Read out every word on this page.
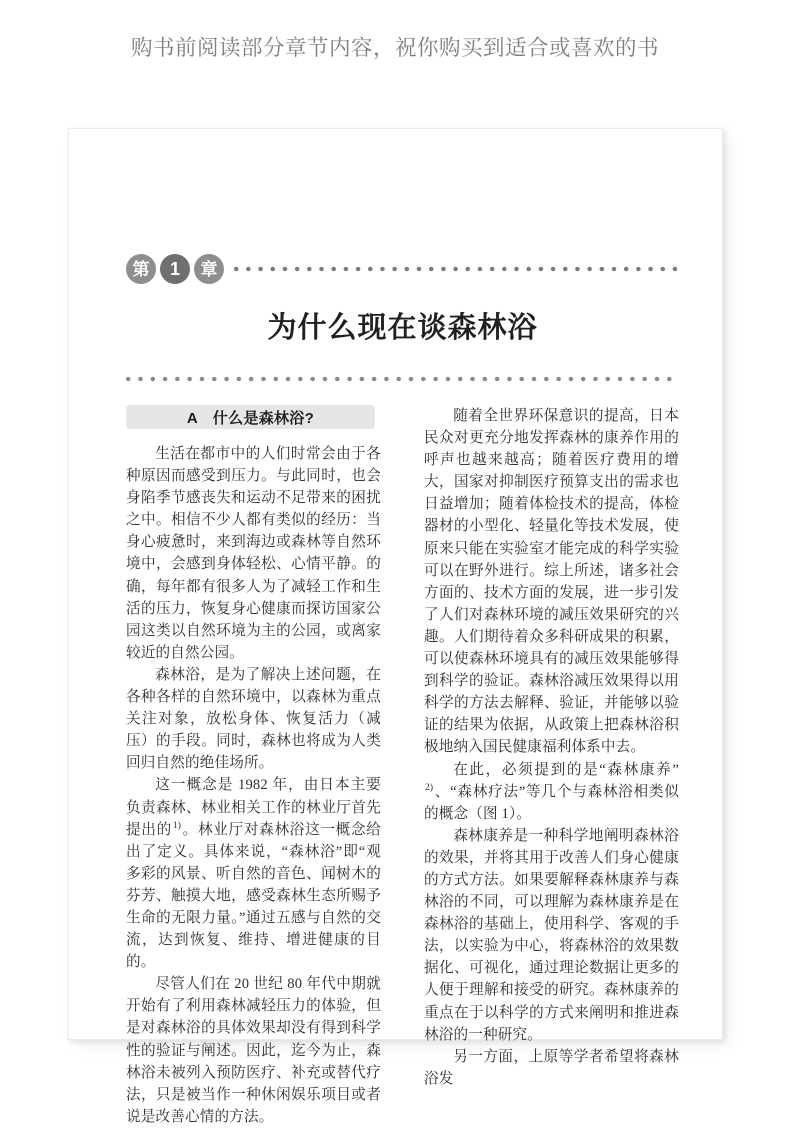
购书前阅读部分章节内容，祝你购买到适合或喜欢的书
第	1	章
为什么现在谈森林浴
A　什么是森林浴?

生活在都市中的人们时常会由于各种原因而感受到压力。与此同时，也会身陷季节感丧失和运动不足带来的困扰之中。相信不少人都有类似的经历：当身心疲惫时，来到海边或森林等自然环境中，会感到身体轻松、心情平静。的确，每年都有很多人为了减轻工作和生活的压力，恢复身心健康而探访国家公园这类以自然环境为主的公园，或离家较近的自然公园。

森林浴，是为了解决上述问题，在各种各样的自然环境中，以森林为重点关注对象，放松身体、恢复活力（减压）的手段。同时，森林也将成为人类回归自然的绝佳场所。

这一概念是 1982 年，由日本主要负责森林、林业相关工作的林业厅首先提出的$^{1)}$。林业厅对森林浴这一概念给出了定义。具体来说，“森林浴”即“观多彩的风景、听自然的音色、闻树木的芬芳、触摸大地，感受森林生态所赐予生命的无限力量。”通过五感与自然的交流，达到恢复、维持、增进健康的目的。

尽管人们在 20 世纪 80 年代中期就开始有了利用森林减轻压力的体验，但是对森林浴的具体效果却没有得到科学性的验证与阐述。因此，迄今为止，森林浴未被列入预防医疗、补充或替代疗法，只是被当作一种休闲娱乐项目或者说是改善心情的方法。

随着全世界环保意识的提高，日本民众对更充分地发挥森林的康养作用的呼声也越来越高；随着医疗费用的增大，国家对抑制医疗预算支出的需求也日益增加；随着体检技术的提高，体检器材的小型化、轻量化等技术发展，使原来只能在实验室才能完成的科学实验可以在野外进行。综上所述，诸多社会方面的、技术方面的发展，进一步引发了人们对森林环境的减压效果研究的兴趣。人们期待着众多科研成果的积累，可以使森林环境具有的减压效果能够得到科学的验证。森林浴减压效果得以用科学的方法去解释、验证，并能够以验证的结果为依据，从政策上把森林浴积极地纳入国民健康福利体系中去。

在此，必须提到的是“森林康养”$^{2)}$、“森林疗法”等几个与森林浴相类似的概念（图 1）。

森林康养是一种科学地阐明森林浴的效果，并将其用于改善人们身心健康的方式方法。如果要解释森林康养与森林浴的不同，可以理解为森林康养是在森林浴的基础上，使用科学、客观的手法，以实验为中心，将森林浴的效果数据化、可视化，通过理论数据让更多的人便于理解和接受的研究。森林康养的重点在于以科学的方式来阐明和推进森林浴的一种研究。

另一方面，上原等学者希望将森林浴发
